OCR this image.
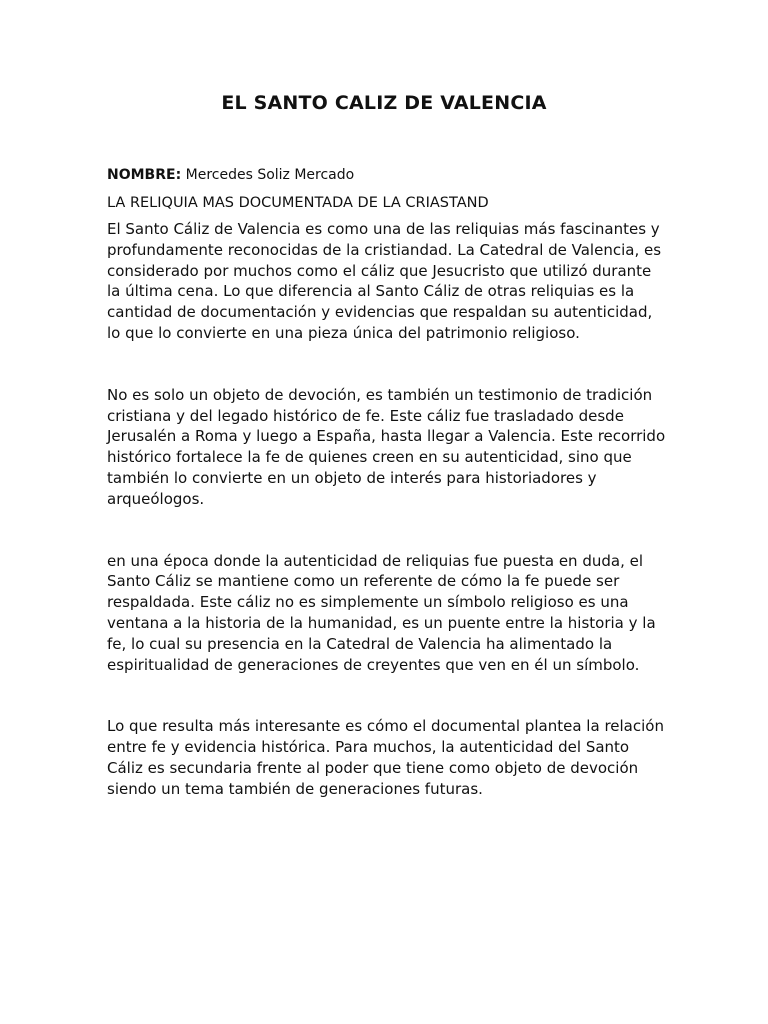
EL SANTO CALIZ DE VALENCIA

NOMBRE: Mercedes Soliz Mercado

LA RELIQUIA MAS DOCUMENTADA DE LA CRIASTAND

El Santo Cáliz de Valencia es como una de las reliquias más fascinantes y profundamente reconocidas de la cristiandad. La Catedral de Valencia, es considerado por muchos como el cáliz que Jesucristo que utilizó durante la última cena. Lo que diferencia al Santo Cáliz de otras reliquias es la cantidad de documentación y evidencias que respaldan su autenticidad, lo que lo convierte en una pieza única del patrimonio religioso.

No es solo un objeto de devoción, es también un testimonio de tradición cristiana y del legado histórico de fe. Este cáliz fue trasladado desde Jerusalén a Roma y luego a España, hasta llegar a Valencia. Este recorrido histórico fortalece la fe de quienes creen en su autenticidad, sino que también lo convierte en un objeto de interés para historiadores y arqueólogos.

en una época donde la autenticidad de reliquias fue puesta en duda, el Santo Cáliz se mantiene como un referente de cómo la fe puede ser respaldada. Este cáliz no es simplemente un símbolo religioso es una ventana a la historia de la humanidad, es un puente entre la historia y la fe, lo cual su presencia en la Catedral de Valencia ha alimentado la espiritualidad de generaciones de creyentes que ven en él un símbolo.

Lo que resulta más interesante es cómo el documental plantea la relación entre fe y evidencia histórica. Para muchos, la autenticidad del Santo Cáliz es secundaria frente al poder que tiene como objeto de devoción siendo un tema también de generaciones futuras.
